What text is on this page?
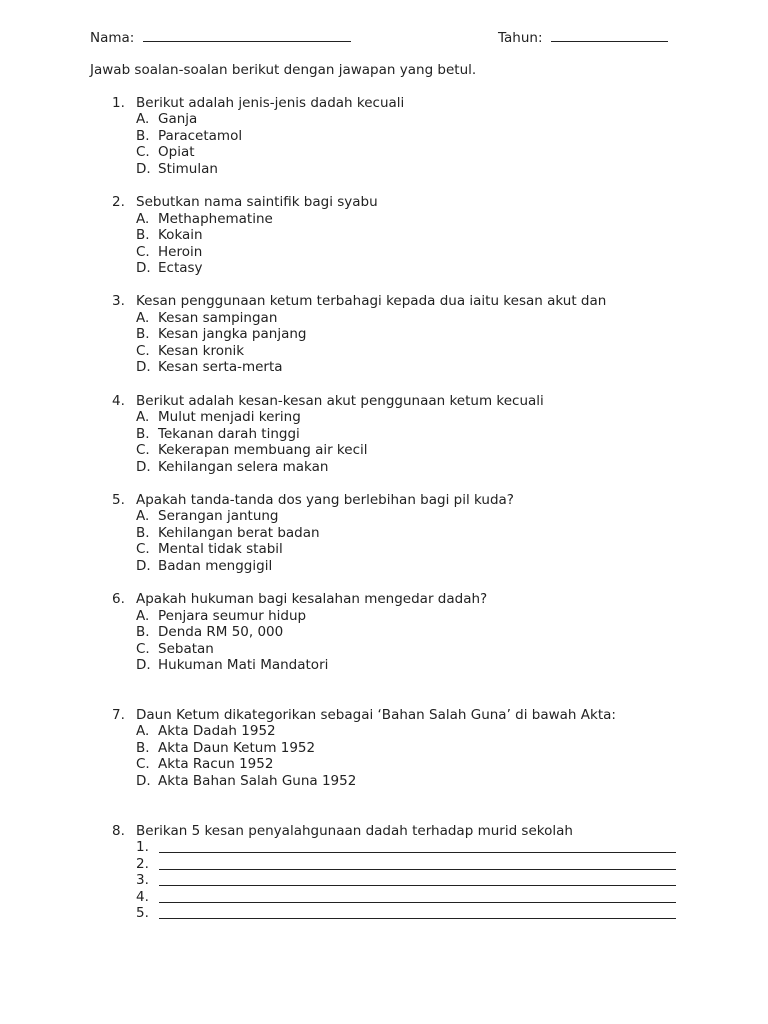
Nama:	Tahun:
Jawab soalan-soalan berikut dengan jawapan yang betul.
1. Berikut adalah jenis-jenis dadah kecuali
A. Ganja
B. Paracetamol
C. Opiat
D. Stimulan
2. Sebutkan nama saintifik bagi syabu
A. Methaphematine
B. Kokain
C. Heroin
D. Ectasy
3. Kesan penggunaan ketum terbahagi kepada dua iaitu kesan akut dan
A. Kesan sampingan
B. Kesan jangka panjang
C. Kesan kronik
D. Kesan serta-merta
4. Berikut adalah kesan-kesan akut penggunaan ketum kecuali
A. Mulut menjadi kering
B. Tekanan darah tinggi
C. Kekerapan membuang air kecil
D. Kehilangan selera makan
5. Apakah tanda-tanda dos yang berlebihan bagi pil kuda?
A. Serangan jantung
B. Kehilangan berat badan
C. Mental tidak stabil
D. Badan menggigil
6. Apakah hukuman bagi kesalahan mengedar dadah?
A. Penjara seumur hidup
B. Denda RM 50, 000
C. Sebatan
D. Hukuman Mati Mandatori
7. Daun Ketum dikategorikan sebagai ‘Bahan Salah Guna’ di bawah Akta:
A. Akta Dadah 1952
B. Akta Daun Ketum 1952
C. Akta Racun 1952
D. Akta Bahan Salah Guna 1952
8. Berikan 5 kesan penyalahgunaan dadah terhadap murid sekolah
1.
2.
3.
4.
5.
